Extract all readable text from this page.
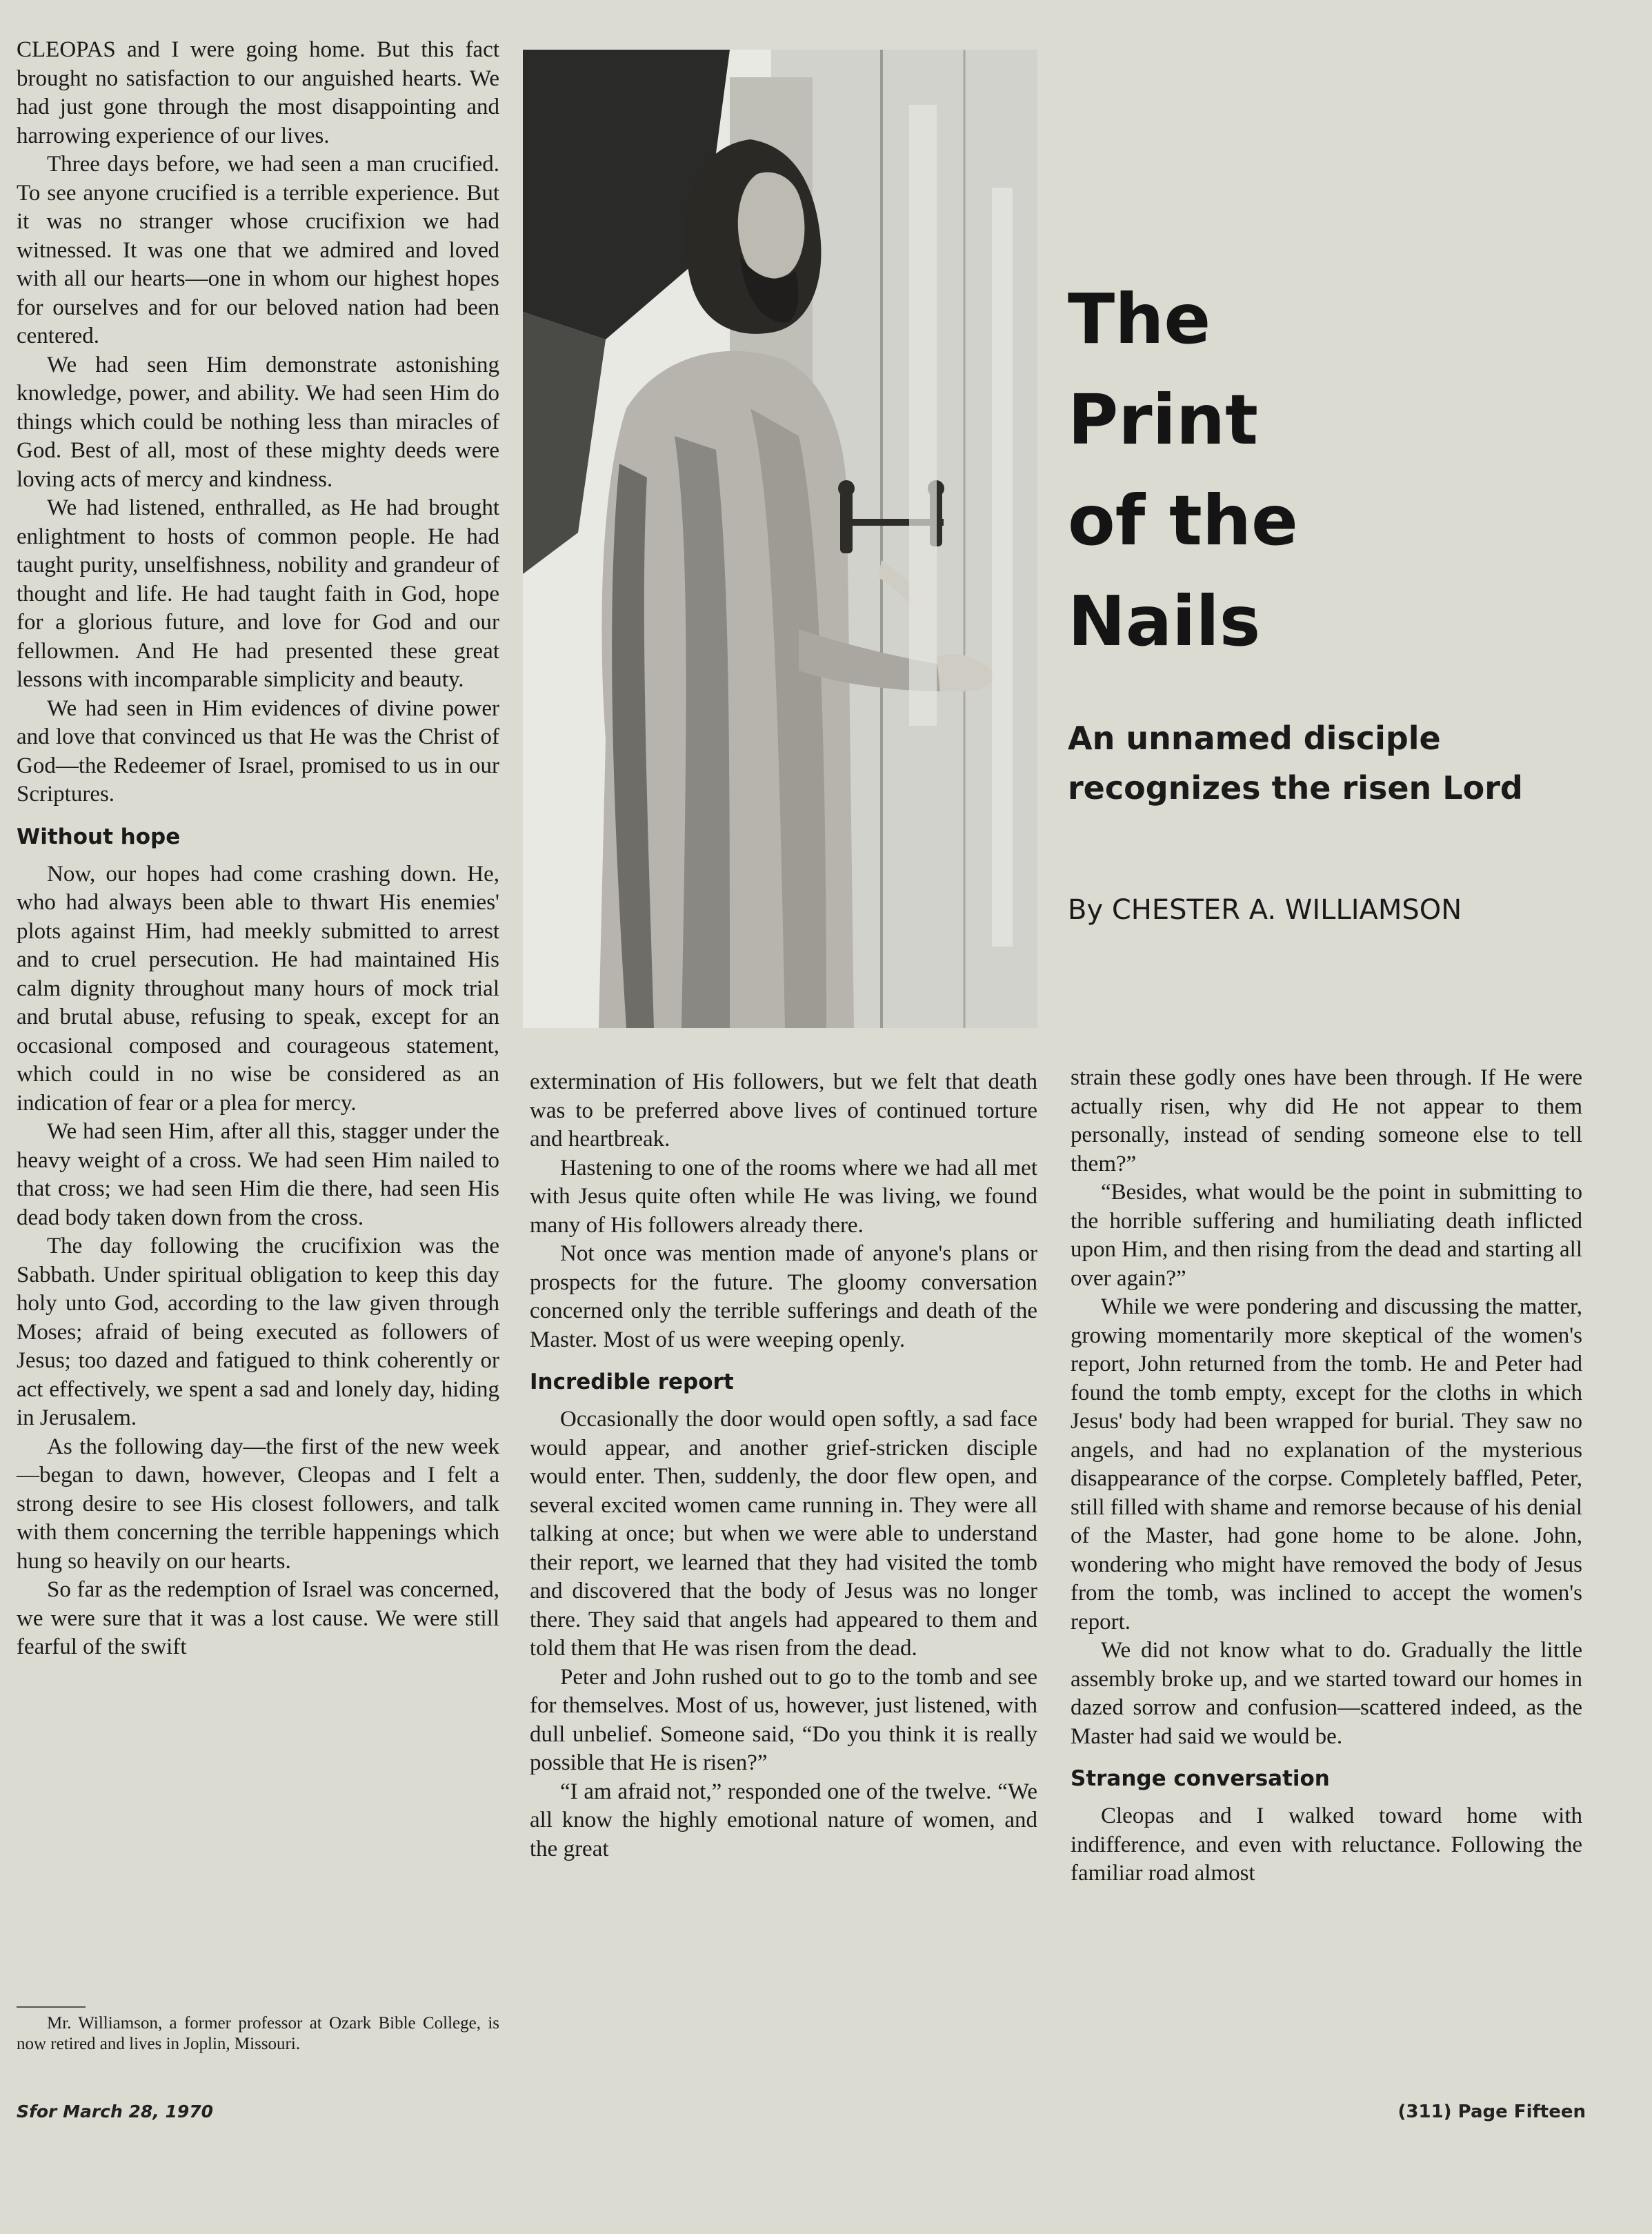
CLEOPAS and I were going home. But this fact brought no satisfaction to our anguished hearts. We had just gone through the most disappointing and harrowing experience of our lives.

Three days before, we had seen a man crucified. To see anyone crucified is a terrible experience. But it was no stranger whose crucifixion we had witnessed. It was one that we admired and loved with all our hearts—one in whom our highest hopes for ourselves and for our beloved nation had been centered.

We had seen Him demonstrate astonishing knowledge, power, and ability. We had seen Him do things which could be nothing less than miracles of God. Best of all, most of these mighty deeds were loving acts of mercy and kindness.

We had listened, enthralled, as He had brought enlightment to hosts of common people. He had taught purity, unselfishness, nobility and grandeur of thought and life. He had taught faith in God, hope for a glorious future, and love for God and our fellowmen. And He had presented these great lessons with incomparable simplicity and beauty.

We had seen in Him evidences of divine power and love that convinced us that He was the Christ of God—the Redeemer of Israel, promised to us in our Scriptures.

Without hope

Now, our hopes had come crashing down. He, who had always been able to thwart His enemies' plots against Him, had meekly submitted to arrest and to cruel persecution. He had maintained His calm dignity throughout many hours of mock trial and brutal abuse, refusing to speak, except for an occasional composed and courageous statement, which could in no wise be considered as an indication of fear or a plea for mercy.

We had seen Him, after all this, stagger under the heavy weight of a cross. We had seen Him nailed to that cross; we had seen Him die there, had seen His dead body taken down from the cross.

The day following the crucifixion was the Sabbath. Under spiritual obligation to keep this day holy unto God, according to the law given through Moses; afraid of being executed as followers of Jesus; too dazed and fatigued to think coherently or act effectively, we spent a sad and lonely day, hiding in Jerusalem.

As the following day—the first of the new week—began to dawn, however, Cleopas and I felt a strong desire to see His closest followers, and talk with them concerning the terrible happenings which hung so heavily on our hearts.

So far as the redemption of Israel was concerned, we were sure that it was a lost cause. We were still fearful of the swift

Mr. Williamson, a former professor at Ozark Bible College, is now retired and lives in Joplin, Missouri.
The
Print
of the
Nails
An unnamed disciple
recognizes the risen Lord
By CHESTER A. WILLIAMSON

extermination of His followers, but we felt that death was to be preferred above lives of continued torture and heartbreak.

Hastening to one of the rooms where we had all met with Jesus quite often while He was living, we found many of His followers already there.

Not once was mention made of anyone's plans or prospects for the future. The gloomy conversation concerned only the terrible sufferings and death of the Master. Most of us were weeping openly.

Incredible report

Occasionally the door would open softly, a sad face would appear, and another grief-stricken disciple would enter. Then, suddenly, the door flew open, and several excited women came running in. They were all talking at once; but when we were able to understand their report, we learned that they had visited the tomb and discovered that the body of Jesus was no longer there. They said that angels had appeared to them and told them that He was risen from the dead.

Peter and John rushed out to go to the tomb and see for themselves. Most of us, however, just listened, with dull unbelief. Someone said, “Do you think it is really possible that He is risen?”

“I am afraid not,” responded one of the twelve. “We all know the highly emotional nature of women, and the great

strain these godly ones have been through. If He were actually risen, why did He not appear to them personally, instead of sending someone else to tell them?”

“Besides, what would be the point in submitting to the horrible suffering and humiliating death inflicted upon Him, and then rising from the dead and starting all over again?”

While we were pondering and discussing the matter, growing momentarily more skeptical of the women's report, John returned from the tomb. He and Peter had found the tomb empty, except for the cloths in which Jesus' body had been wrapped for burial. They saw no angels, and had no explanation of the mysterious disappearance of the corpse. Completely baffled, Peter, still filled with shame and remorse because of his denial of the Master, had gone home to be alone. John, wondering who might have removed the body of Jesus from the tomb, was inclined to accept the women's report.

We did not know what to do. Gradually the little assembly broke up, and we started toward our homes in dazed sorrow and confusion—scattered indeed, as the Master had said we would be.

Strange conversation

Cleopas and I walked toward home with indifference, and even with reluctance. Following the familiar road almost

Sfor March 28, 1970	(311) Page Fifteen
